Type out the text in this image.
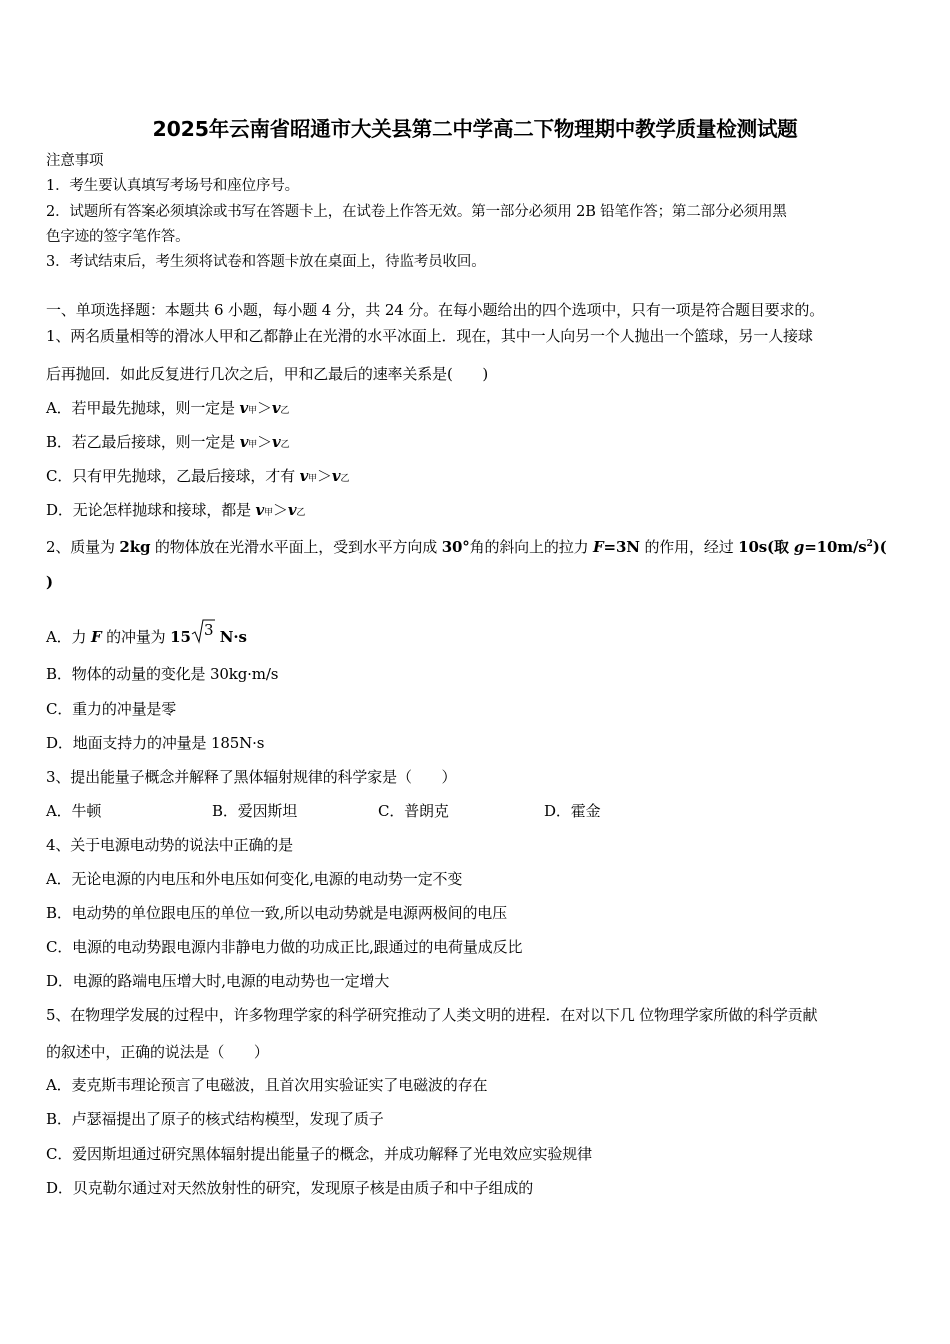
2025年云南省昭通市大关县第二中学高二下物理期中教学质量检测试题
注意事项
1．考生要认真填写考场号和座位序号。
2．试题所有答案必须填涂或书写在答题卡上，在试卷上作答无效。第一部分必须用 2B 铅笔作答；第二部分必须用黑
色字迹的签字笔作答。
3．考试结束后，考生须将试卷和答题卡放在桌面上，待监考员收回。
一、单项选择题：本题共 6 小题，每小题 4 分，共 24 分。在每小题给出的四个选项中，只有一项是符合题目要求的。
1、两名质量相等的滑冰人甲和乙都静止在光滑的水平冰面上．现在，其中一人向另一个人抛出一个篮球，另一人接球
后再抛回．如此反复进行几次之后，甲和乙最后的速率关系是(　　)
A．若甲最先抛球，则一定是 v甲＞v乙
B．若乙最后接球，则一定是 v甲＞v乙
C．只有甲先抛球，乙最后接球，才有 v甲＞v乙
D．无论怎样抛球和接球，都是 v甲＞v乙
2、质量为 2kg 的物体放在光滑水平面上，受到水平方向成 30°角的斜向上的拉力 F=3N 的作用，经过 10s(取 $g=10m/s^2$)(
)
A．力 F 的冲量为 15 3 N·s
B．物体的动量的变化是 30kg·m/s
C．重力的冲量是零
D．地面支持力的冲量是 185N·s
3、提出能量子概念并解释了黑体辐射规律的科学家是（　　）
A．牛顿	B．爱因斯坦	C．普朗克	D．霍金
4、关于电源电动势的说法中正确的是
A．无论电源的内电压和外电压如何变化,电源的电动势一定不变
B．电动势的单位跟电压的单位一致,所以电动势就是电源两极间的电压
C．电源的电动势跟电源内非静电力做的功成正比,跟通过的电荷量成反比
D．电源的路端电压增大时,电源的电动势也一定增大
5、在物理学发展的过程中，许多物理学家的科学研究推动了人类文明的进程．在对以下几 位物理学家所做的科学贡献
的叙述中，正确的说法是（　　）
A．麦克斯韦理论预言了电磁波，且首次用实验证实了电磁波的存在
B．卢瑟福提出了原子的核式结构模型，发现了质子
C．爱因斯坦通过研究黑体辐射提出能量子的概念，并成功解释了光电效应实验规律
D．贝克勒尔通过对天然放射性的研究，发现原子核是由质子和中子组成的
